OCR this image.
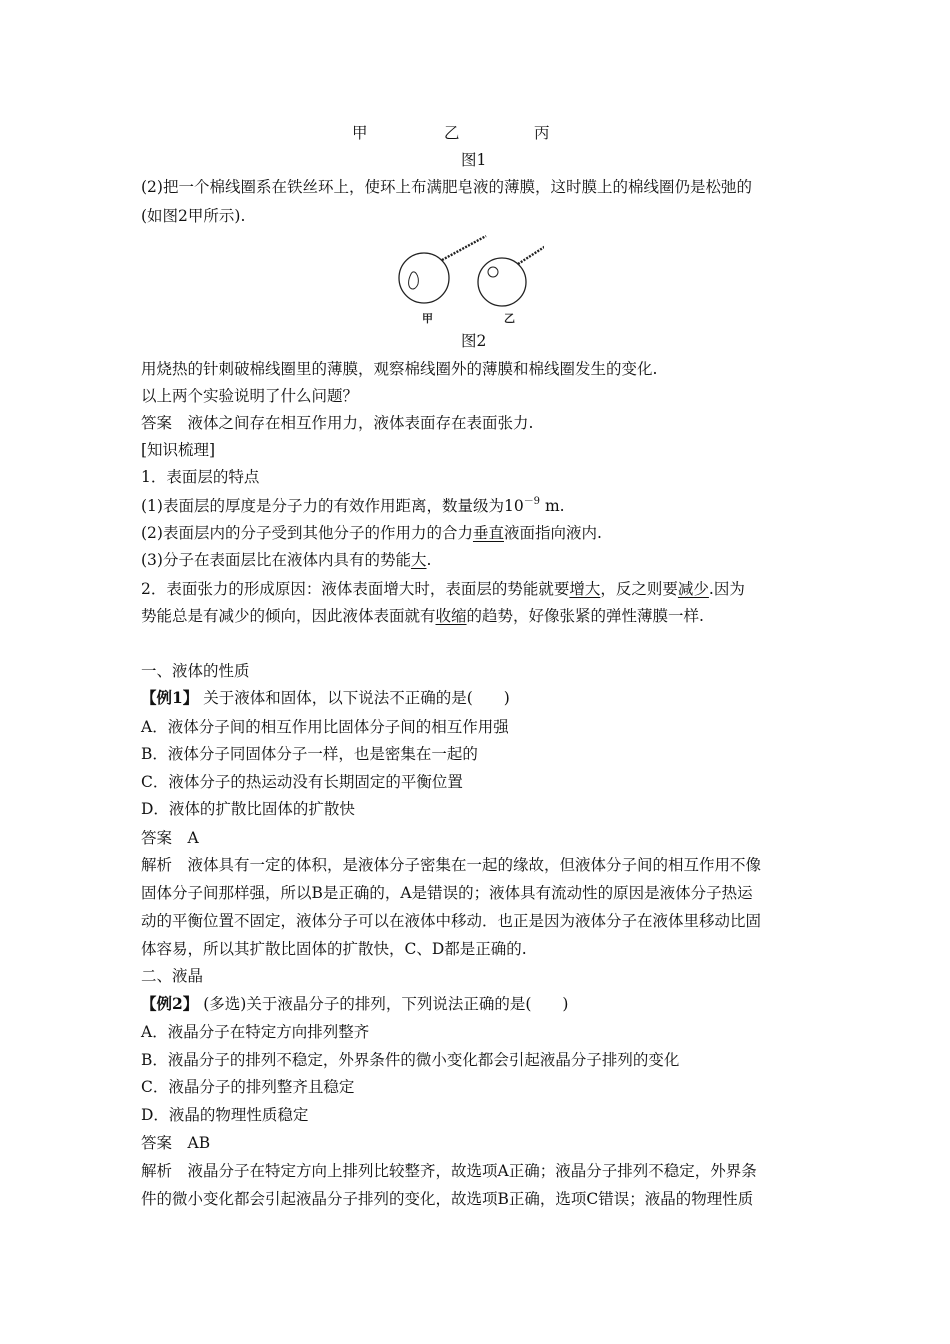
甲	乙	丙
图1
(2)把一个棉线圈系在铁丝环上，使环上布满肥皂液的薄膜，这时膜上的棉线圈仍是松弛的
(如图2甲所示).
甲	乙
图2
用烧热的针刺破棉线圈里的薄膜，观察棉线圈外的薄膜和棉线圈发生的变化.
以上两个实验说明了什么问题？
答案　液体之间存在相互作用力，液体表面存在表面张力.
[知识梳理]
1．表面层的特点
(1)表面层的厚度是分子力的有效作用距离，数量级为$10^{-9}$ m.
(2)表面层内的分子受到其他分子的作用力的合力垂直液面指向液内.
(3)分子在表面层比在液体内具有的势能大.
2．表面张力的形成原因：液体表面增大时，表面层的势能就要增大，反之则要减少.因为
势能总是有减少的倾向，因此液体表面就有收缩的趋势，好像张紧的弹性薄膜一样.
一、液体的性质
【例1】 关于液体和固体，以下说法不正确的是(　　)
A．液体分子间的相互作用比固体分子间的相互作用强
B．液体分子同固体分子一样，也是密集在一起的
C．液体分子的热运动没有长期固定的平衡位置
D．液体的扩散比固体的扩散快
答案　A
解析　液体具有一定的体积，是液体分子密集在一起的缘故，但液体分子间的相互作用不像
固体分子间那样强，所以B是正确的，A是错误的；液体具有流动性的原因是液体分子热运
动的平衡位置不固定，液体分子可以在液体中移动．也正是因为液体分子在液体里移动比固
体容易，所以其扩散比固体的扩散快，C、D都是正确的.
二、液晶
【例2】 (多选)关于液晶分子的排列，下列说法正确的是(　　)
A．液晶分子在特定方向排列整齐
B．液晶分子的排列不稳定，外界条件的微小变化都会引起液晶分子排列的变化
C．液晶分子的排列整齐且稳定
D．液晶的物理性质稳定
答案　AB
解析　液晶分子在特定方向上排列比较整齐，故选项A正确；液晶分子排列不稳定，外界条
件的微小变化都会引起液晶分子排列的变化，故选项B正确，选项C错误；液晶的物理性质
